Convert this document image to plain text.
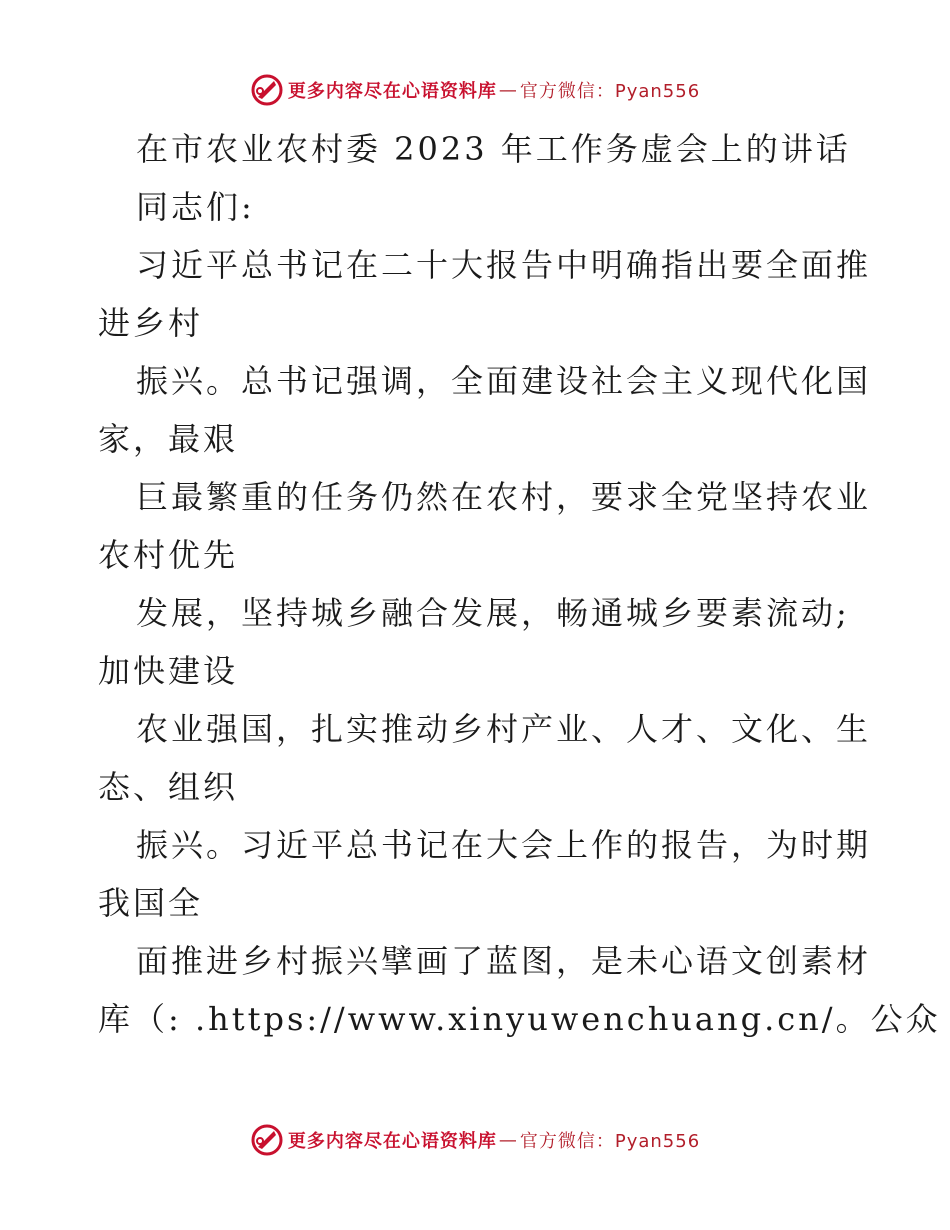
更多内容尽在心语资料库 — 官方微信：Pyan556
在市农业农村委 2023 年工作务虚会上的讲话
同志们:
习近平总书记在二十大报告中明确指出要全面推
进乡村
振兴。总书记强调，全面建设社会主义现代化国
家，最艰
巨最繁重的任务仍然在农村，要求全党坚持农业
农村优先
发展，坚持城乡融合发展，畅通城乡要素流动;
加快建设
农业强国，扎实推动乡村产业、人才、文化、生
态、组织
振兴。习近平总书记在大会上作的报告，为时期
我国全
面推进乡村振兴擘画了蓝图，是未心语文创素材
库（: .https://www.xinyuwenchuang.cn/。公众
更多内容尽在心语资料库 — 官方微信：Pyan556
